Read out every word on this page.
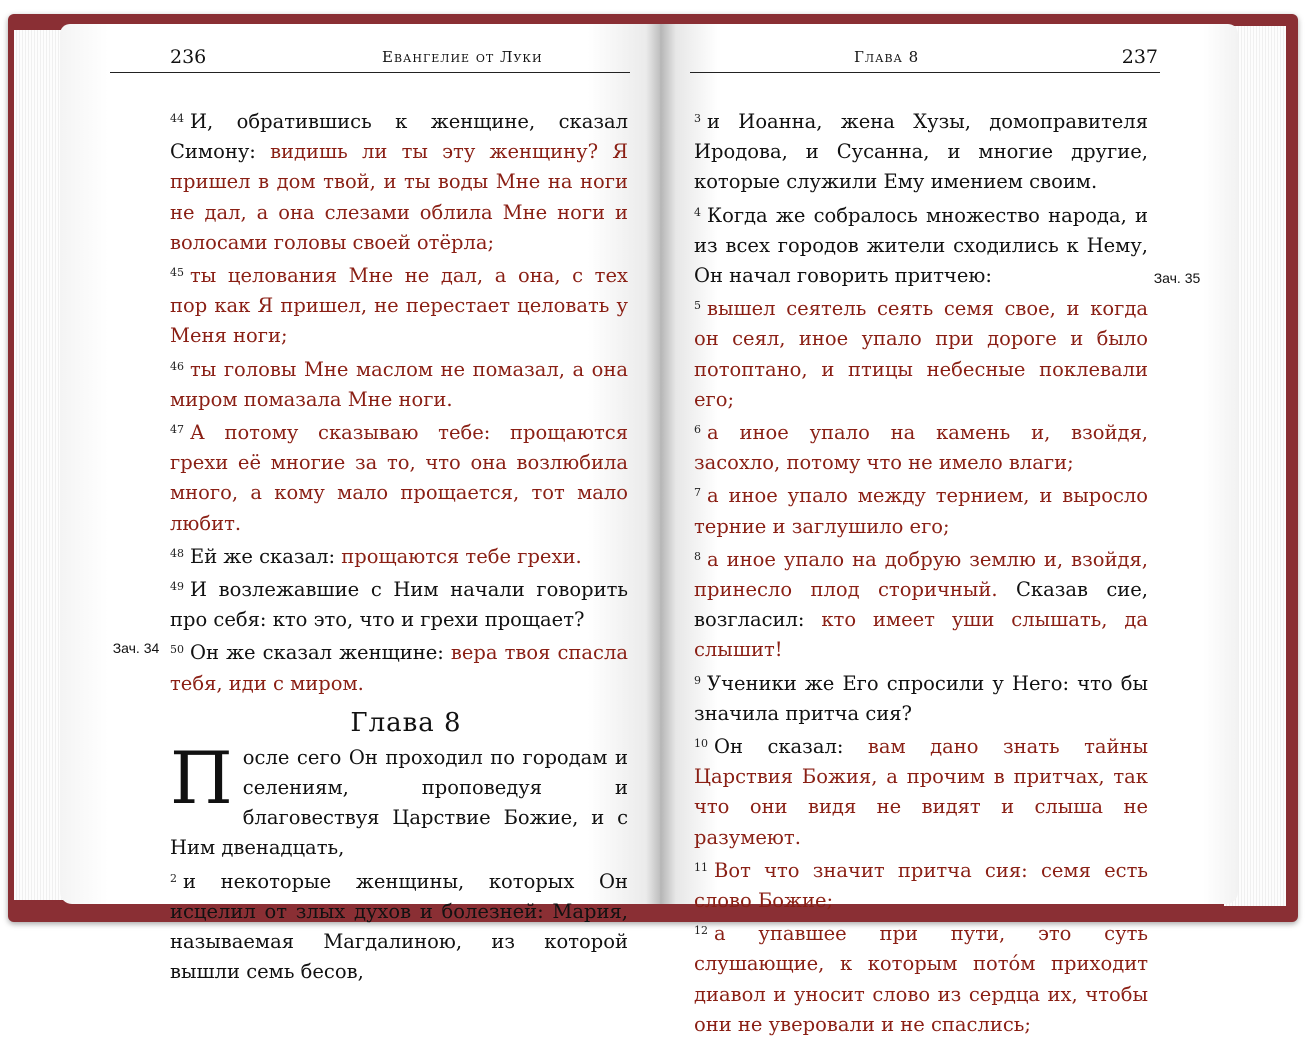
236	Евангелие от Луки	Глава 8	237
Зач. 34
Зач. 35

$^{44}$ И, обратившись к женщине, сказал Симону: видишь ли ты эту женщину? Я пришел в дом твой, и ты воды Мне на ноги не дал, а она слезами облила Мне ноги и волосами головы своей отёрла;

$^{45}$ ты целования Мне не дал, а она, с тех пор как Я пришел, не перестает целовать у Меня ноги;

$^{46}$ ты головы Мне маслом не помазал, а она миром помазала Мне ноги.

$^{47}$ А потому сказываю тебе: прощаются грехи её многие за то, что она возлюбила много, а кому мало прощается, тот мало любит.

$^{48}$ Ей же сказал: прощаются тебе грехи.

$^{49}$ И возлежавшие с Ним начали говорить про себя: кто это, что и грехи прощает?

$^{50}$ Он же сказал женщине: вера твоя спасла тебя, иди с миром.

Глава 8
П осле сего Он проходил по городам и селениям, проповедуя и благовествуя Царствие Божие, и с Ним двенадцать,

$^2$ и некоторые женщины, которых Он исцелил от злых духов и болезней: Мария, называемая Магдалиною, из которой вышли семь бесов,

$^3$ и Иоанна, жена Хузы, домоправителя Иродова, и Сусанна, и многие другие, которые служили Ему имением своим.

$^4$ Когда же собралось множество народа, и из всех городов жители сходились к Нему, Он начал говорить притчею:

$^5$ вышел сеятель сеять семя свое, и когда он сеял, иное упало при дороге и было потоптано, и птицы небесные поклевали его;

$^6$ а иное упало на камень и, взойдя, засохло, потому что не имело влаги;

$^7$ а иное упало между тернием, и выросло терние и заглушило его;

$^8$ а иное упало на добрую землю и, взойдя, принесло плод сторичный. Сказав сие, возгласил: кто имеет уши слышать, да слышит!

$^9$ Ученики же Его спросили у Него: что бы значила притча сия?

$^{10}$ Он сказал: вам дано знать тайны Царствия Божия, а прочим в притчах, так что они видя не видят и слыша не разумеют.

$^{11}$ Вот что значит притча сия: семя есть слово Божие;

$^{12}$ а упавшее при пути, это суть слушающие, к которым потóм приходит диавол и уносит слово из сердца их, чтобы они не уверовали и не спаслись;
